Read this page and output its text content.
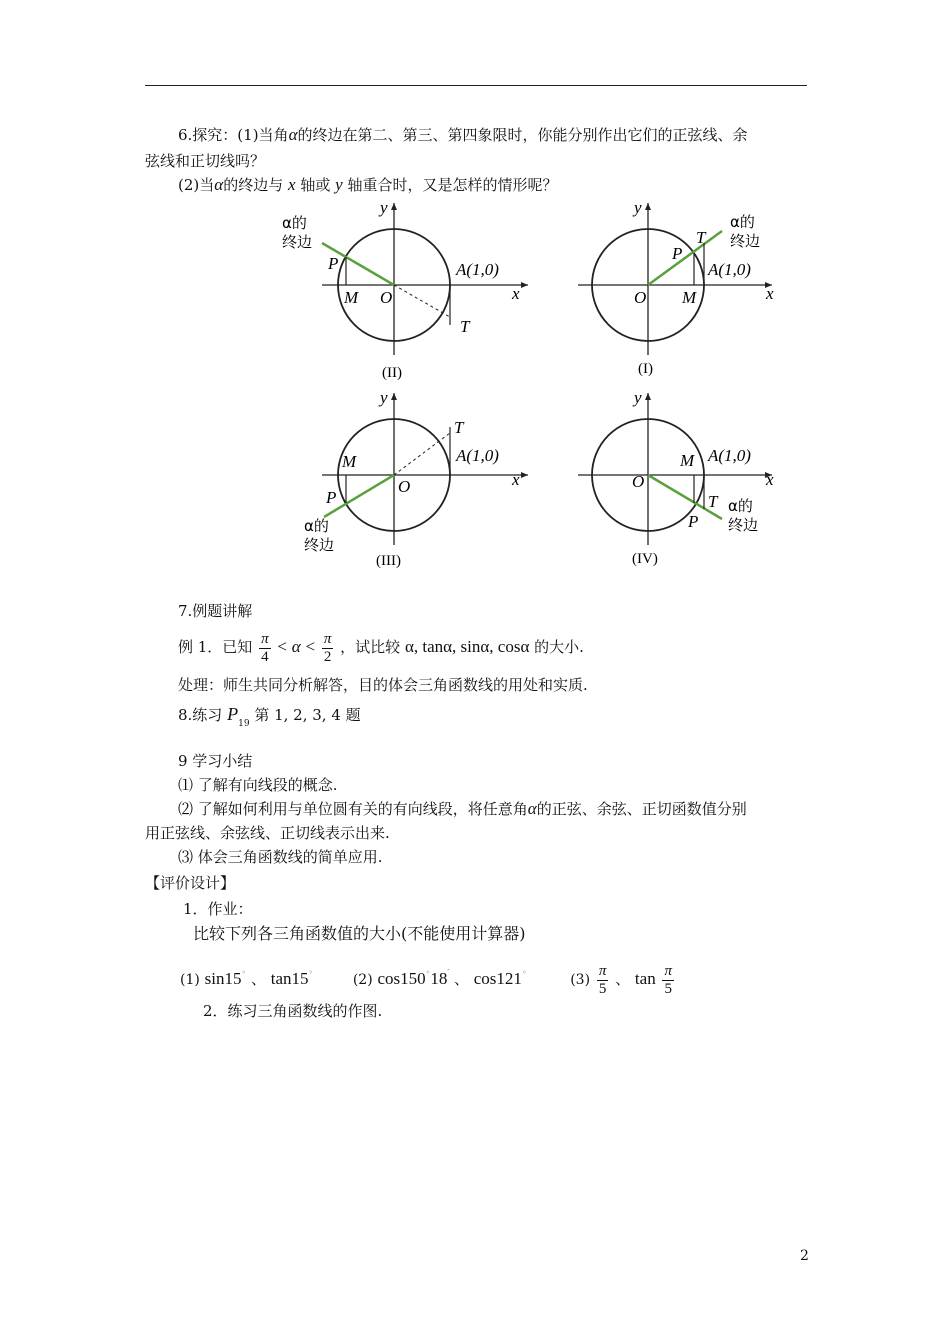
6.探究：(1)当角α的终边在第二、第三、第四象限时，你能分别作出它们的正弦线、余
弦线和正切线吗？
(2)当α的终边与 x 轴或 y 轴重合时，又是怎样的情形呢？
α的
终边
P
M O
A(1,0)
T
x
y
(II)
α的
终边
P
T
A(1,0)
O M	x
y
(I)
M
P
O
T
A(1,0)
x
y
α的
终边
(III)
M A(1,0)
O
T
P
α的
终边
x
y
(IV)
7.例题讲解
例 1．已知 $\frac{\pi}{4} < \alpha < \frac{\pi}{2}$ ，试比较 α, tanα, sinα, cosα 的大小.
处理：师生共同分析解答，目的体会三角函数线的用处和实质.
8.练习 $P_{19}$ 第 1, 2, 3, 4 题
9 学习小结
⑴ 了解有向线段的概念.
⑵ 了解如何利用与单位圆有关的有向线段，将任意角α的正弦、余弦、正切函数值分别
用正弦线、余弦线、正切线表示出来.
⑶ 体会三角函数线的简单应用.
【评价设计】
1．作业：
比较下列各三角函数值的大小(不能使用计算器)
(1) sin15◦ 、 tan15◦	(2) cos150◦18′ 、 cos121◦	$(3) \frac{\pi}{5}$ 、 $\tan \frac{\pi}{5}$
2．练习三角函数线的作图.
2
